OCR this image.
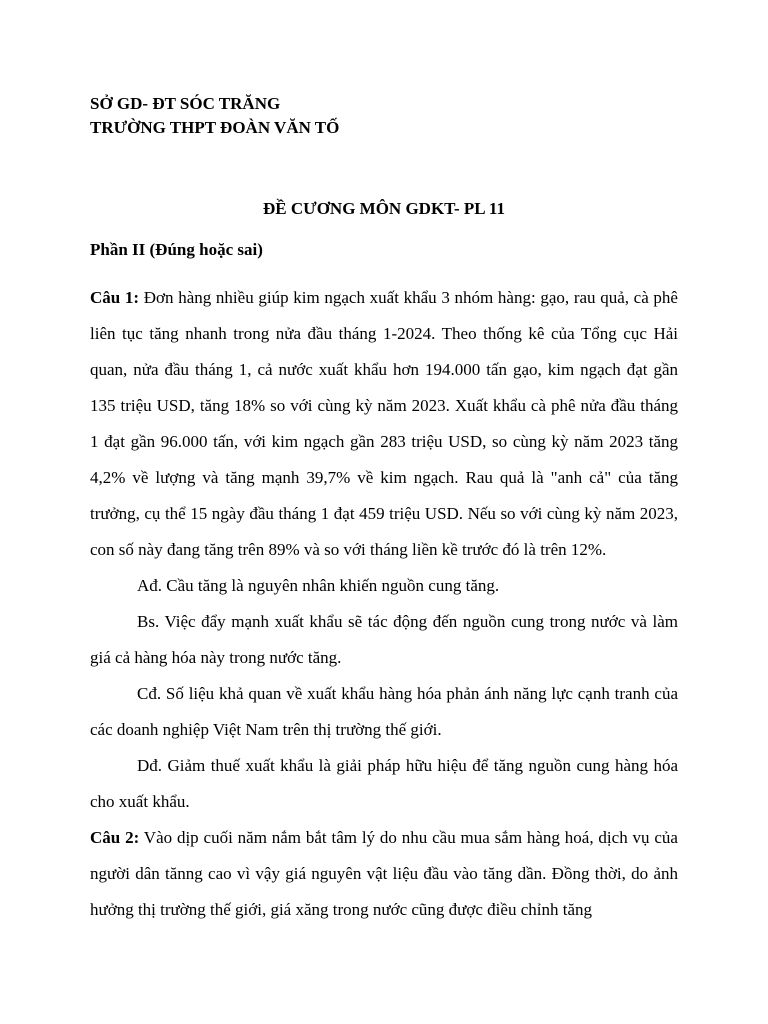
SỞ GD- ĐT SÓC TRĂNG
TRƯỜNG THPT ĐOÀN VĂN TỐ
ĐỀ CƯƠNG MÔN GDKT- PL 11
Phần II (Đúng hoặc sai)

Câu 1: Đơn hàng nhiều giúp kim ngạch xuất khẩu 3 nhóm hàng: gạo, rau quả, cà phê liên tục tăng nhanh trong nửa đầu tháng 1-2024. Theo thống kê của Tổng cục Hải quan, nửa đầu tháng 1, cả nước xuất khẩu hơn 194.000 tấn gạo, kim ngạch đạt gần 135 triệu USD, tăng 18% so với cùng kỳ năm 2023. Xuất khẩu cà phê nửa đầu tháng 1 đạt gần 96.000 tấn, với kim ngạch gần 283 triệu USD, so cùng kỳ năm 2023 tăng 4,2% về lượng và tăng mạnh 39,7% về kim ngạch. Rau quả là "anh cả" của tăng trưởng, cụ thể 15 ngày đầu tháng 1 đạt 459 triệu USD. Nếu so với cùng kỳ năm 2023, con số này đang tăng trên 89% và so với tháng liền kề trước đó là trên 12%.

Ađ. Cầu tăng là nguyên nhân khiến nguồn cung tăng.

Bs. Việc đẩy mạnh xuất khẩu sẽ tác động đến nguồn cung trong nước và làm giá cả hàng hóa này trong nước tăng.

Cđ. Số liệu khả quan về xuất khẩu hàng hóa phản ánh năng lực cạnh tranh của các doanh nghiệp Việt Nam trên thị trường thế giới.

Dđ. Giảm thuế xuất khẩu là giải pháp hữu hiệu để tăng nguồn cung hàng hóa cho xuất khẩu.

Câu 2: Vào dịp cuối năm nắm bắt tâm lý do nhu cầu mua sắm hàng hoá, dịch vụ của người dân tănng cao vì vậy giá nguyên vật liệu đầu vào tăng dần. Đồng thời, do ảnh hưởng thị trường thế giới, giá xăng trong nước cũng được điều chỉnh tăng
